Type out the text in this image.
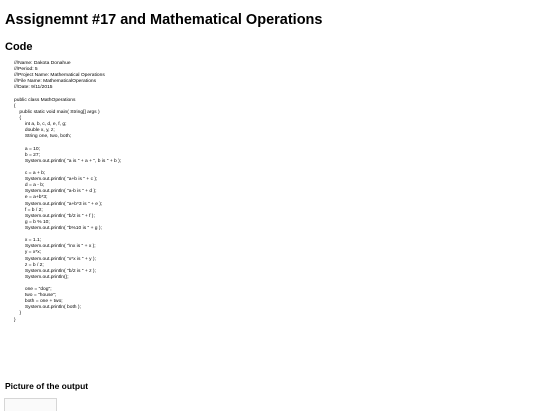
Assignemnt #17 and Mathematical Operations
Code
///Name: Dakota Donahue
///Period: 5
///Project Name: Mathematical Operations
///File Name: MathematicalOperations
///Date: 9/11/2015
public class MathOperations
{
public static void main( String[] args )
{
int a, b, c, d, e, f, g;
double x, y, z;
String one, two, both;
a = 10;
b = 27;
System.out.println( "a is " + a + ", b is " + b );
c = a + b;
System.out.println( "a+b is " + c );
d = a - b;
System.out.println( "a-b is " + d );
e = a+b*3;
System.out.println( "a+b*3 is " + e );
f = b / 2;
System.out.println( "b/2 is " + f );
g = b % 10;
System.out.println( "b%10 is " + g );
x = 1.1;
System.out.println( "\nx is " + x );
y = x*x;
System.out.println( "x*x is " + y );
z = b / 2;
System.out.println( "b/2 is " + z );
System.out.println();
one = "dog";
two = "house";
both = one + two;
System.out.println( both );
}
}
Picture of the output
